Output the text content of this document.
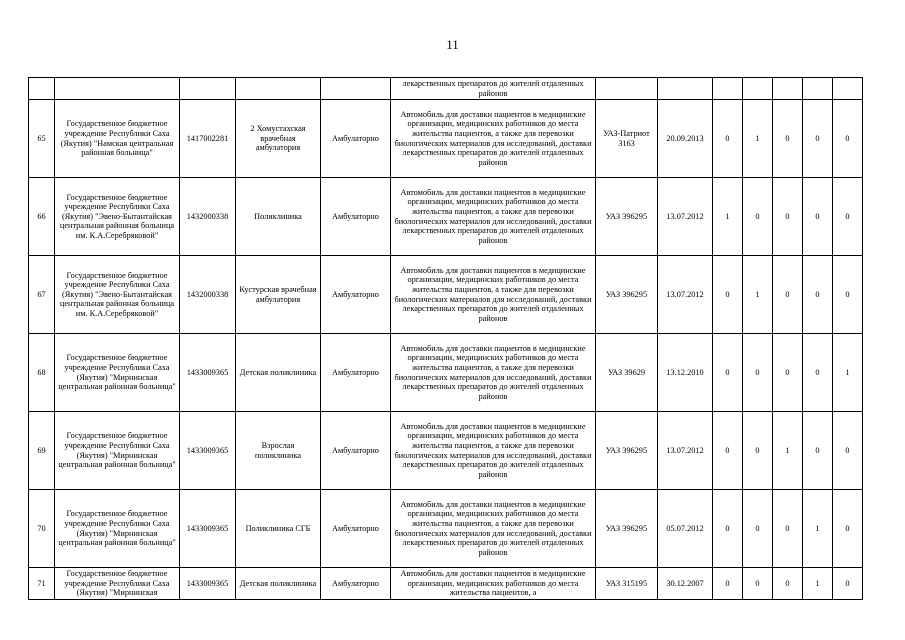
11
					лекарственных препаратов до жителей отдаленных районов							
65	Государственное бюджетное учреждение Республики Саха (Якутия) "Намская центральная районная больница"	1417002281	2 Хомустахская врачебная амбулатория	Амбулаторно	Автомобиль для доставки пациентов в медицинские организации, медицинских работников до места жительства пациентов, а также для перевозки биологических материалов для исследований, доставки лекарственных препаратов до жителей отдаленных районов	УАЗ-Патриот 3163	20.09.2013	0	1	0	0	0
66	Государственное бюджетное учреждение Республики Саха (Якутия) "Эвено-Бытантайская центральная районная больница им. К.А.Серебряковой"	1432000338	Поликлиника	Амбулаторно	Автомобиль для доставки пациентов в медицинские организации, медицинских работников до места жительства пациентов, а также для перевозки биологических материалов для исследований, доставки лекарственных препаратов до жителей отдаленных районов	УАЗ 396295	13.07.2012	1	0	0	0	0
67	Государственное бюджетное учреждение Республики Саха (Якутия) "Эвено-Бытантайская центральная районная больница им. К.А.Серебряковой"	1432000338	Кустурская врачебная амбулатория	Амбулаторно	Автомобиль для доставки пациентов в медицинские организации, медицинских работников до места жительства пациентов, а также для перевозки биологических материалов для исследований, доставки лекарственных препаратов до жителей отдаленных районов	УАЗ 396295	13.07.2012	0	1	0	0	0
68	Государственное бюджетное учреждение Республики Саха (Якутия) "Мирнинская центральная районная больница"	1433009365	Детская поликлиника	Амбулаторно	Автомобиль для доставки пациентов в медицинские организации, медицинских работников до места жительства пациентов, а также для перевозки биологических материалов для исследований, доставки лекарственных препаратов до жителей отдаленных районов	УАЗ 39629	13.12.2010	0	0	0	0	1
69	Государственное бюджетное учреждение Республики Саха (Якутия) "Мирнинская центральная районная больница"	1433009365	Взрослая поликлиника	Амбулаторно	Автомобиль для доставки пациентов в медицинские организации, медицинских работников до места жительства пациентов, а также для перевозки биологических материалов для исследований, доставки лекарственных препаратов до жителей отдаленных районов	УАЗ 396295	13.07.2012	0	0	1	0	0
70	Государственное бюджетное учреждение Республики Саха (Якутия) "Мирнинская центральная районная больница"	1433009365	Поликлиника СГБ	Амбулаторно	Автомобиль для доставки пациентов в медицинские организации, медицинских работников до места жительства пациентов, а также для перевозки биологических материалов для исследований, доставки лекарственных препаратов до жителей отдаленных районов	УАЗ 396295	05.07.2012	0	0	0	1	0
71	Государственное бюджетное учреждение Республики Саха (Якутия) "Мирнинская	1433009365	Детская поликлиника	Амбулаторно	Автомобиль для доставки пациентов в медицинские организации, медицинских работников до места жительства пациентов, а	УАЗ 315195	30.12.2007	0	0	0	1	0
